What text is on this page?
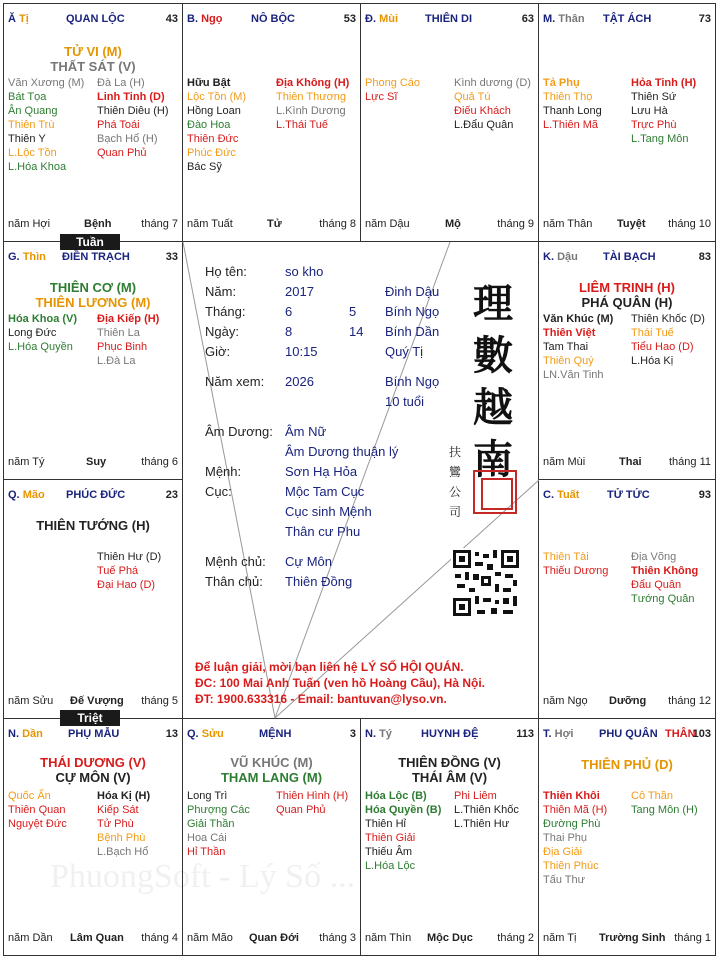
Ă Tị	QUAN LỘC	43
TỬ VI (M)
THẤT SÁT (V)
Văn Xương (M)
Bát Tọa
Ân Quang
Thiên Trù
Thiên Y
L.Lộc Tồn
L.Hóa Khoa
Đà La (H)
Linh Tinh (D)
Thiên Diêu (H)
Phá Toái
Bạch Hổ (H)
Quan Phủ
năm Hợi	Bệnh	tháng 7
B. Ngọ	NÔ BỘC	53
Hữu Bật
Lộc Tồn (M)
Hồng Loan
Đào Hoa
Thiên Đức
Phúc Đức
Bác Sỹ
Địa Không (H)
Thiên Thương
L.Kình Dương
L.Thái Tuế
năm Tuất	Tử	tháng 8
Đ. Mùi THIÊN DI	63
Phong Cáo
Lực Sĩ
Kình dương (D)
Quả Tú
Điếu Khách
L.Đẩu Quân
năm Dậu	Mộ	tháng 9
M. Thân TẬT ÁCH	73
Tả Phụ
Thiên Thọ
Thanh Long
L.Thiên Mã
Hỏa Tinh (H)
Thiên Sứ
Lưu Hà
Trực Phù
L.Tang Môn
năm Thân Tuyệt tháng 10
G. Thìn ĐIỀN TRẠCH	33
THIÊN CƠ (M)
THIÊN LƯƠNG (M)
Hóa Khoa (V)
Long Đức
L.Hóa Quyền
Địa Kiếp (H)
Thiên La
Phục Binh
L.Đà La
năm Tý	Suy	tháng 6
Q. Mão PHÚC ĐỨC	23
THIÊN TƯỚNG (H)
Thiên Hư (D)
Tuế Phá
Đại Hao (D)
năm Sửu Đế Vượng tháng 5
K. Dậu TÀI BẠCH	83
LIÊM TRINH (H)
PHÁ QUÂN (H)
Văn Khúc (M)
Thiên Việt
Tam Thai
Thiên Quý
LN.Văn Tinh
Thiên Khốc (D)
Thái Tuế
Tiểu Hao (D)
L.Hóa Kị
năm Mùi	Thai tháng 11
C. Tuất	TỬ TỨC	93
Thiên Tài
Thiếu Dương
Địa Võng
Thiên Không
Đẩu Quân
Tướng Quân
năm Ngọ Dưỡng tháng 12
N. Dần PHỤ MẪU	13
THÁI DƯƠNG (V)
CỰ MÔN (V)
Quốc Ấn
Thiên Quan
Nguyệt Đức
Hóa Kị (H)
Kiếp Sát
Tử Phù
Bệnh Phù
L.Bạch Hổ
năm Dần Lâm Quan tháng 4
Q. Sửu	MỆNH	3
VŨ KHÚC (M)
THAM LANG (M)
Long Trì
Phượng Các
Giải Thần
Hoa Cái
Hỉ Thần
Thiên Hình (H)
Quan Phủ
năm Mão Quan Đới tháng 3
N. Tý	HUYNH ĐỆ	113
THIÊN ĐỒNG (V)
THÁI ÂM (V)
Hóa Lộc (B)
Hóa Quyền (B)
Thiên Hỉ
Thiên Giải
Thiếu Âm
L.Hóa Lộc
Phi Liêm
L.Thiên Khốc
L.Thiên Hư
năm Thìn Mộc Dục tháng 2
T. Hợi PHU QUÂN THÂN
103
THIÊN PHỦ (D)
Thiên Khôi
Thiên Mã (H)
Đường Phù
Thai Phụ
Địa Giải
Thiên Phúc
Tấu Thư
Cô Thần
Tang Môn (H)
năm Tị Trường Sinh tháng 1
Tuần
Triệt
Họ tên:	so kho
Năm:	2017	Đinh Dậu
Tháng:	6	5 Bính Ngọ
Ngày:	8	14 Bính Dần
Giờ:	10:15	Quý Tị
Năm xem: 2026	Bính Ngọ
10 tuổi
Âm Dương: Âm Nữ
Âm Dương thuận lý
Mệnh:	Sơn Hạ Hỏa
Cục:	Mộc Tam Cục
Cục sinh Mệnh
Thân cư Phu
Mệnh chủ: Cự Môn
Thân chủ: Thiên Đồng
理
數
越
南
扶
鸞
公
司
Để luận giải, mời bạn liên hệ LÝ SỐ HỘI QUÁN.
ĐC: 100 Mai Anh Tuấn (ven hồ Hoàng Cầu), Hà Nội.
ĐT: 1900.633316 - Email: bantuvan@lyso.vn.
PhuongSoft - Lý Số ...
